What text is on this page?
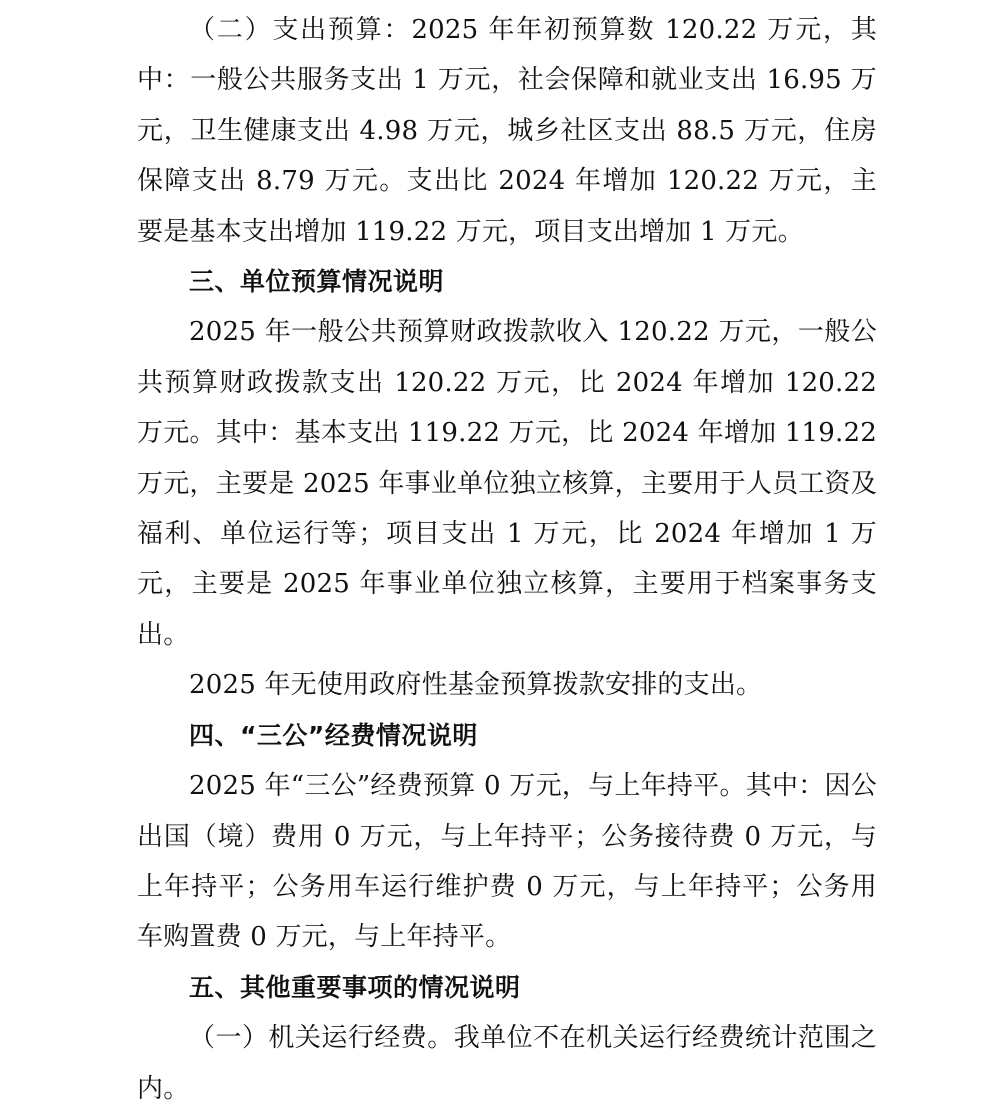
（二）支出预算：2025 年年初预算数 120.22 万元，其中：一般公共服务支出 1 万元，社会保障和就业支出 16.95 万元，卫生健康支出 4.98 万元，城乡社区支出 88.5 万元，住房保障支出 8.79 万元。支出比 2024 年增加 120.22 万元，主要是基本支出增加 119.22 万元，项目支出增加 1 万元。

三、单位预算情况说明

2025 年一般公共预算财政拨款收入 120.22 万元，一般公共预算财政拨款支出 120.22 万元，比 2024 年增加 120.22 万元。其中：基本支出 119.22 万元，比 2024 年增加 119.22 万元，主要是 2025 年事业单位独立核算，主要用于人员工资及福利、单位运行等；项目支出 1 万元，比 2024 年增加 1 万元，主要是 2025 年事业单位独立核算，主要用于档案事务支出。

2025 年无使用政府性基金预算拨款安排的支出。

四、“三公”经费情况说明

2025 年“三公”经费预算 0 万元，与上年持平。其中：因公出国（境）费用 0 万元，与上年持平；公务接待费 0 万元，与上年持平；公务用车运行维护费 0 万元，与上年持平；公务用车购置费 0 万元，与上年持平。

五、其他重要事项的情况说明

（一）机关运行经费。我单位不在机关运行经费统计范围之内。
